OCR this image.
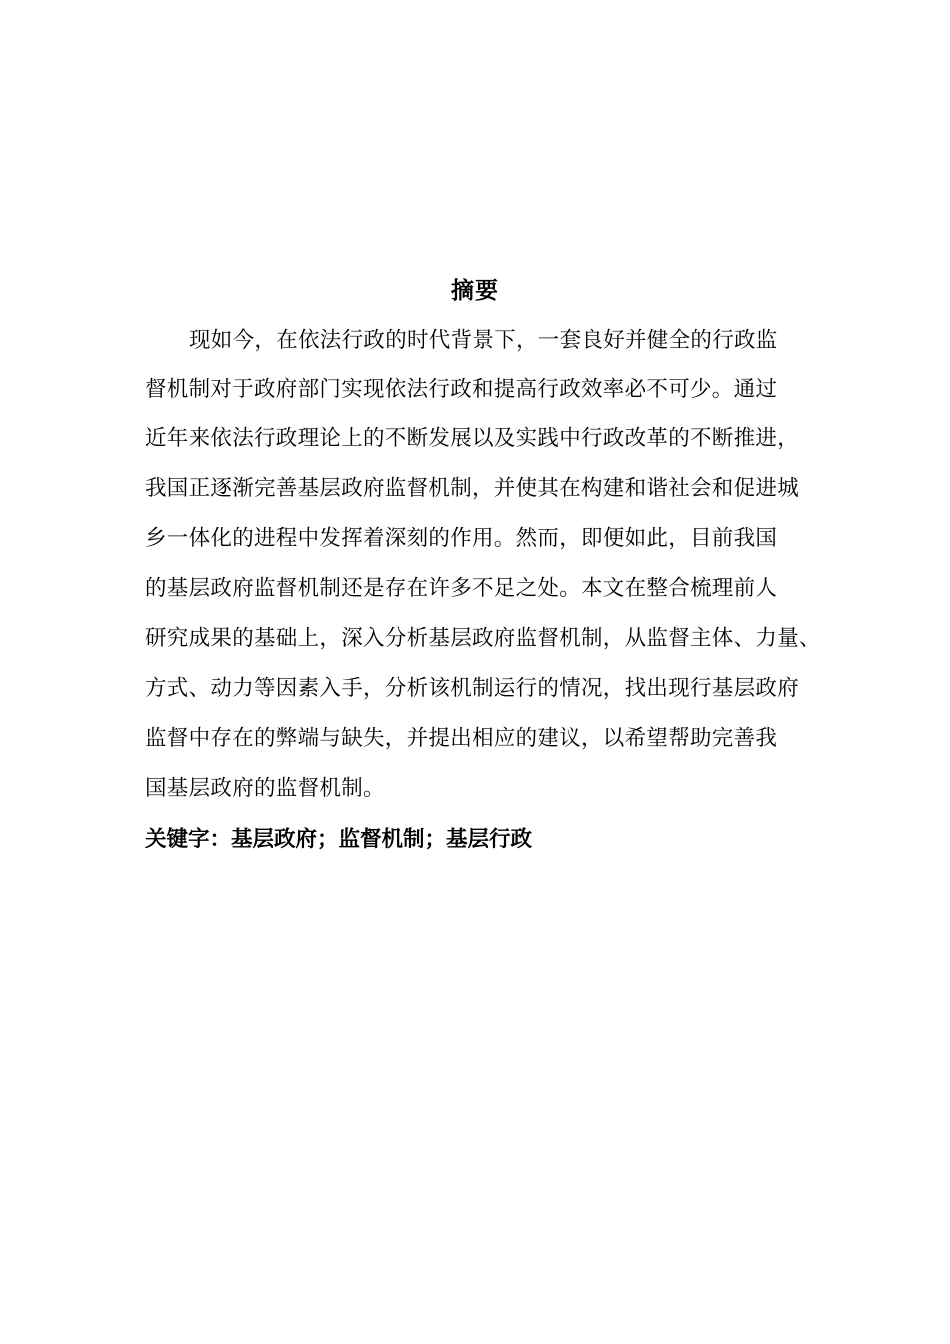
摘要
现如今，在依法行政的时代背景下，一套良好并健全的行政监
督机制对于政府部门实现依法行政和提高行政效率必不可少。通过
近年来依法行政理论上的不断发展以及实践中行政改革的不断推进，
我国正逐渐完善基层政府监督机制，并使其在构建和谐社会和促进城
乡一体化的进程中发挥着深刻的作用。然而，即便如此，目前我国
的基层政府监督机制还是存在许多不足之处。本文在整合梳理前人
研究成果的基础上，深入分析基层政府监督机制，从监督主体、力量、
方式、动力等因素入手，分析该机制运行的情况，找出现行基层政府
监督中存在的弊端与缺失，并提出相应的建议，以希望帮助完善我
国基层政府的监督机制。
关键字：基层政府；监督机制；基层行政
